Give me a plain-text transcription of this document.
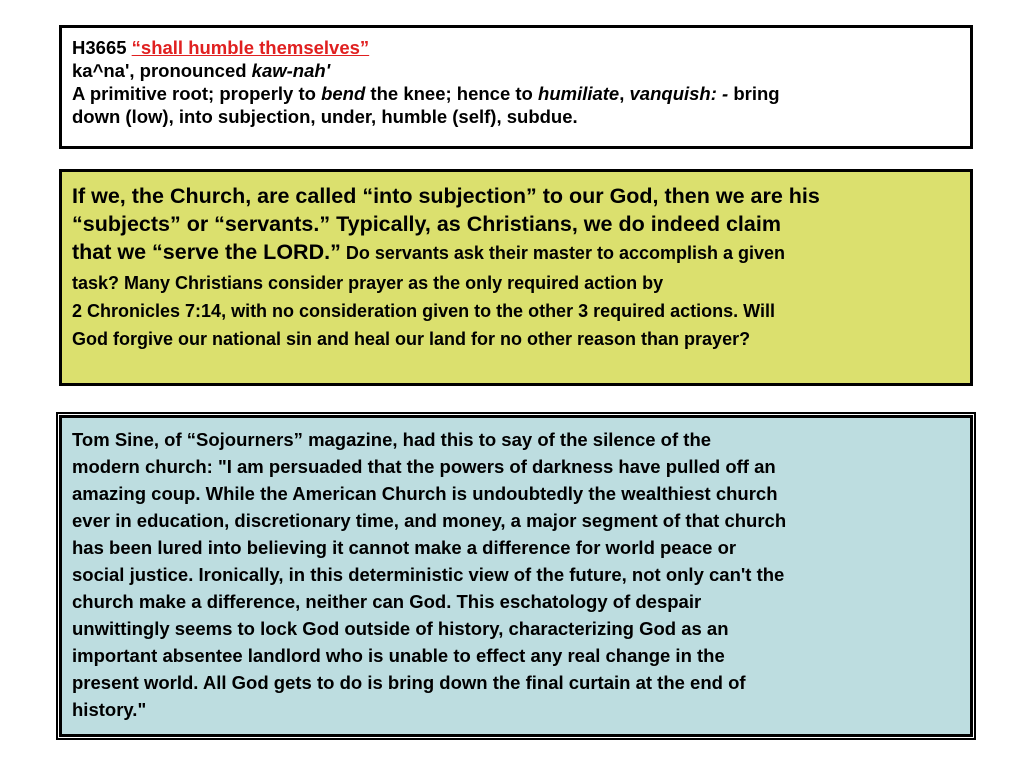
H3665 “shall humble themselves”
ka^na', pronounced kaw-nah'
A primitive root; properly to bend the knee; hence to humiliate, vanquish: - bring
down (low), into subjection, under, humble (self), subdue.
If we, the Church, are called “into subjection” to our God, then we are his
“subjects” or “servants.” Typically, as Christians, we do indeed claim
that we “serve the LORD.” Do servants ask their master to accomplish a given
task? Many Christians consider prayer as the only required action by
2 Chronicles 7:14, with no consideration given to the other 3 required actions. Will
God forgive our national sin and heal our land for no other reason than prayer?
Tom Sine, of “Sojourners” magazine, had this to say of the silence of the
modern church: "I am persuaded that the powers of darkness have pulled off an
amazing coup. While the American Church is undoubtedly the wealthiest church
ever in education, discretionary time, and money, a major segment of that church
has been lured into believing it cannot make a difference for world peace or
social justice. Ironically, in this deterministic view of the future, not only can't the
church make a difference, neither can God. This eschatology of despair
unwittingly seems to lock God outside of history, characterizing God as an
important absentee landlord who is unable to effect any real change in the
present world. All God gets to do is bring down the final curtain at the end of
history."
